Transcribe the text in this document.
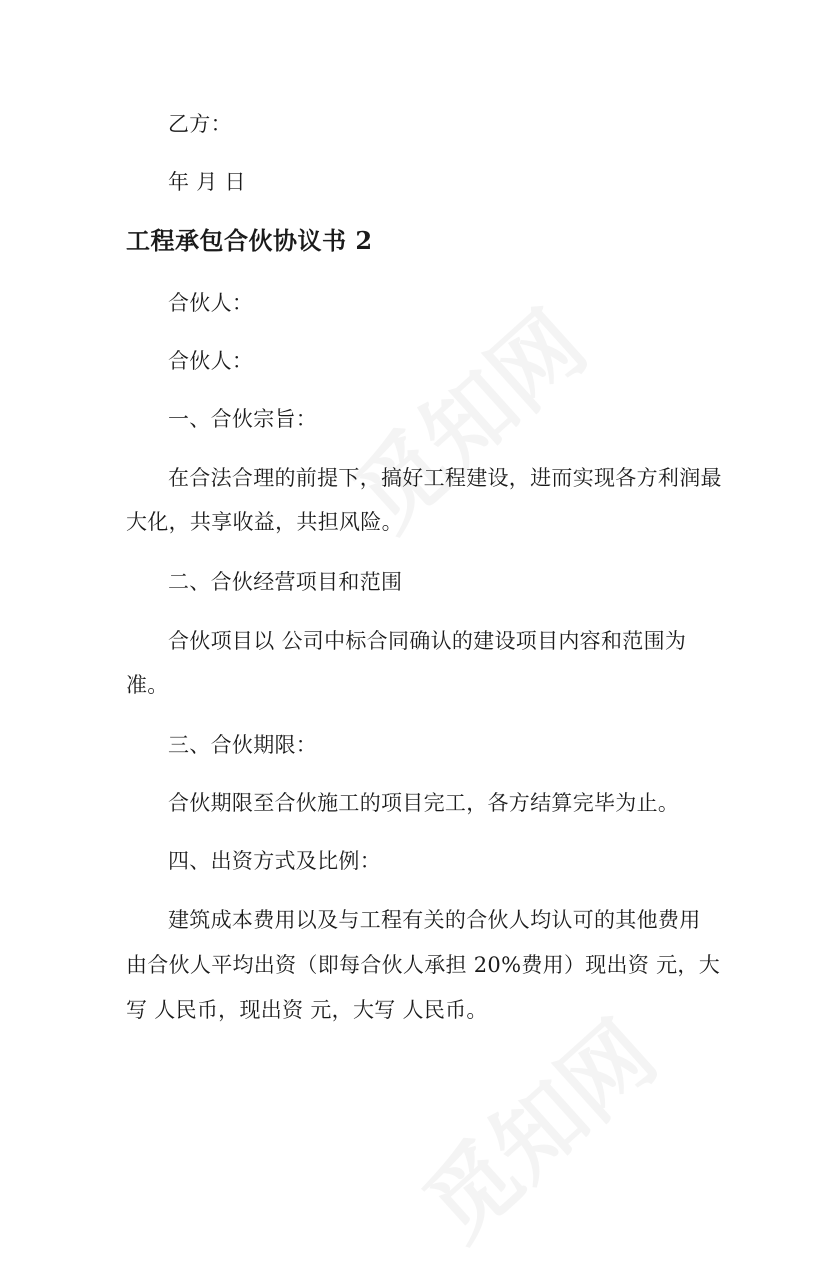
乙方：
年 月 日
工程承包合伙协议书 2
合伙人：
合伙人：
一、合伙宗旨：
在合法合理的前提下，搞好工程建设，进而实现各方利润最
大化，共享收益，共担风险。
二、合伙经营项目和范围
合伙项目以 公司中标合同确认的建设项目内容和范围为
准。
三、合伙期限：
合伙期限至合伙施工的项目完工，各方结算完毕为止。
四、出资方式及比例：
建筑成本费用以及与工程有关的合伙人均认可的其他费用
由合伙人平均出资（即每合伙人承担 20%费用）现出资 元，大
写 人民币，现出资 元，大写 人民币。
